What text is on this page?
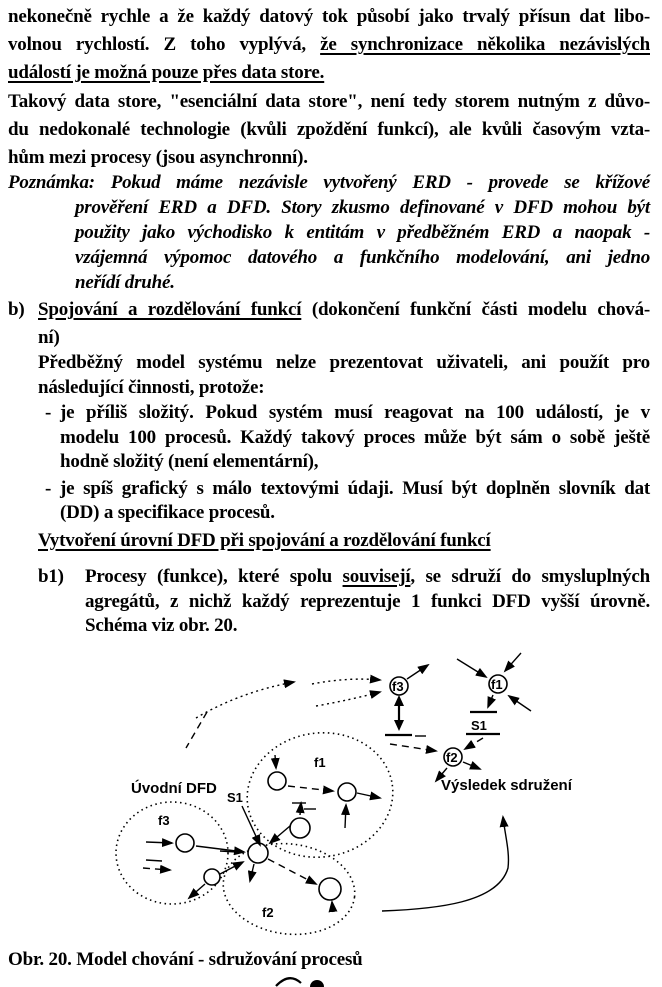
nekonečně rychle a že každý datový tok působí jako trvalý přísun dat libo-
volnou rychlostí. Z toho vyplývá, že synchronizace několika nezávislých
událostí je možná pouze přes data store.
Takový data store, "esenciální data store", není tedy storem nutným z důvo-
du nedokonalé technologie (kvůli zpoždění funkcí), ale kvůli časovým vzta-
hům mezi procesy (jsou asynchronní).
Poznámka: Pokud máme nezávisle vytvořený ERD - provede se křížové
prověření ERD a DFD. Story zkusmo definované v DFD mohou být
použity jako východisko k entitám v předběžném ERD a naopak -
vzájemná výpomoc datového a funkčního modelování, ani jedno
neřídí druhé.
b) Spojování a rozdělování funkcí (dokončení funkční části modelu chová-
ní)
Předběžný model systému nelze prezentovat uživateli, ani použít pro
následující činnosti, protože:
- je příliš složitý. Pokud systém musí reagovat na 100 událostí, je v
modelu 100 procesů. Každý takový proces může být sám o sobě ještě
hodně složitý (není elementární),
- je spíš grafický s málo textovými údaji. Musí být doplněn slovník dat
(DD) a specifikace procesů.
Vytvoření úrovní DFD při spojování a rozdělování funkcí
b1)	Procesy (funkce), které spolu souvisejí, se sdruží do smysluplných
agregátů, z nichž každý reprezentuje 1 funkci DFD vyšší úrovně.
Schéma viz obr. 20.
Obr. 20. Model chování - sdružování procesů
Úvodní DFD
S1
f1
f3
f2
f3	f1
S1
f2
Výsledek sdružení
